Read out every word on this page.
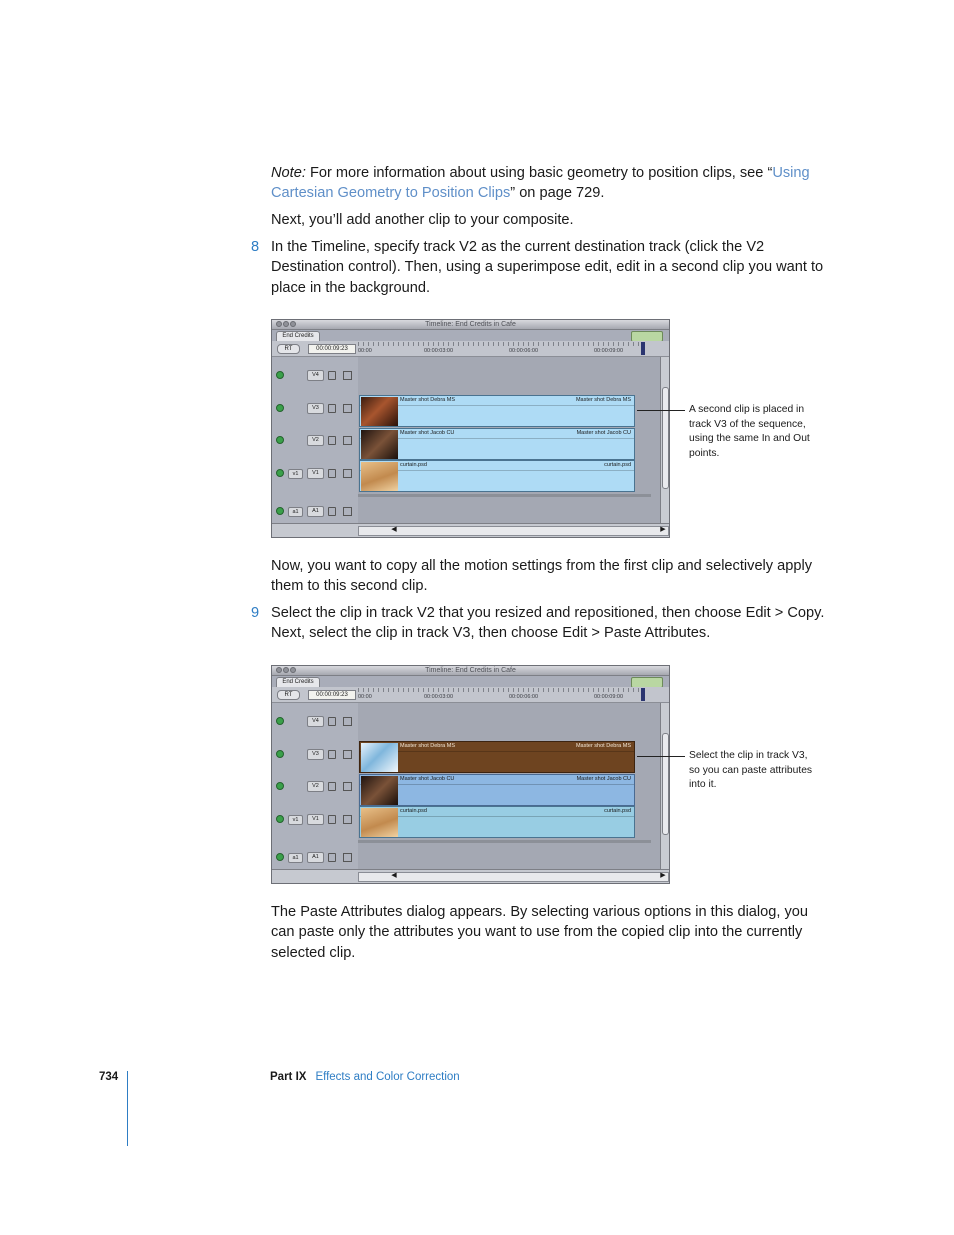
Note: For more information about using basic geometry to position clips, see “Using Cartesian Geometry to Position Clips” on page 729.
Next, you’ll add another clip to your composite.
8 In the Timeline, specify track V2 as the current destination track (click the V2 Destination control). Then, using a superimpose edit, edit in a second clip you want to place in the background.
Timeline: End Credits in Cafe
End Credits
RT	00:00:09:23	00:00	00:00:03:00	00:00:06:00	00:00:09:00
V4
V3
V2
v1	V1
a1	A1
Master shot Debra MS	Master shot Debra MS
Master shot Jacob CU	Master shot Jacob CU
curtain.psd	curtain.psd
◀	▶
A second clip is placed in track V3 of the sequence, using the same In and Out points.
Now, you want to copy all the motion settings from the first clip and selectively apply them to this second clip.
9 Select the clip in track V2 that you resized and repositioned, then choose Edit > Copy. Next, select the clip in track V3, then choose Edit > Paste Attributes.
Timeline: End Credits in Cafe
End Credits
RT	00:00:09:23	00:00	00:00:03:00	00:00:06:00	00:00:09:00
V4
V3
V2
v1	V1
a1	A1
Master shot Debra MS	Master shot Debra MS
Master shot Jacob CU	Master shot Jacob CU
curtain.psd	curtain.psd
◀	▶
Select the clip in track V3, so you can paste attributes into it.
The Paste Attributes dialog appears. By selecting various options in this dialog, you can paste only the attributes you want to use from the copied clip into the currently selected clip.
734	Part IX Effects and Color Correction
